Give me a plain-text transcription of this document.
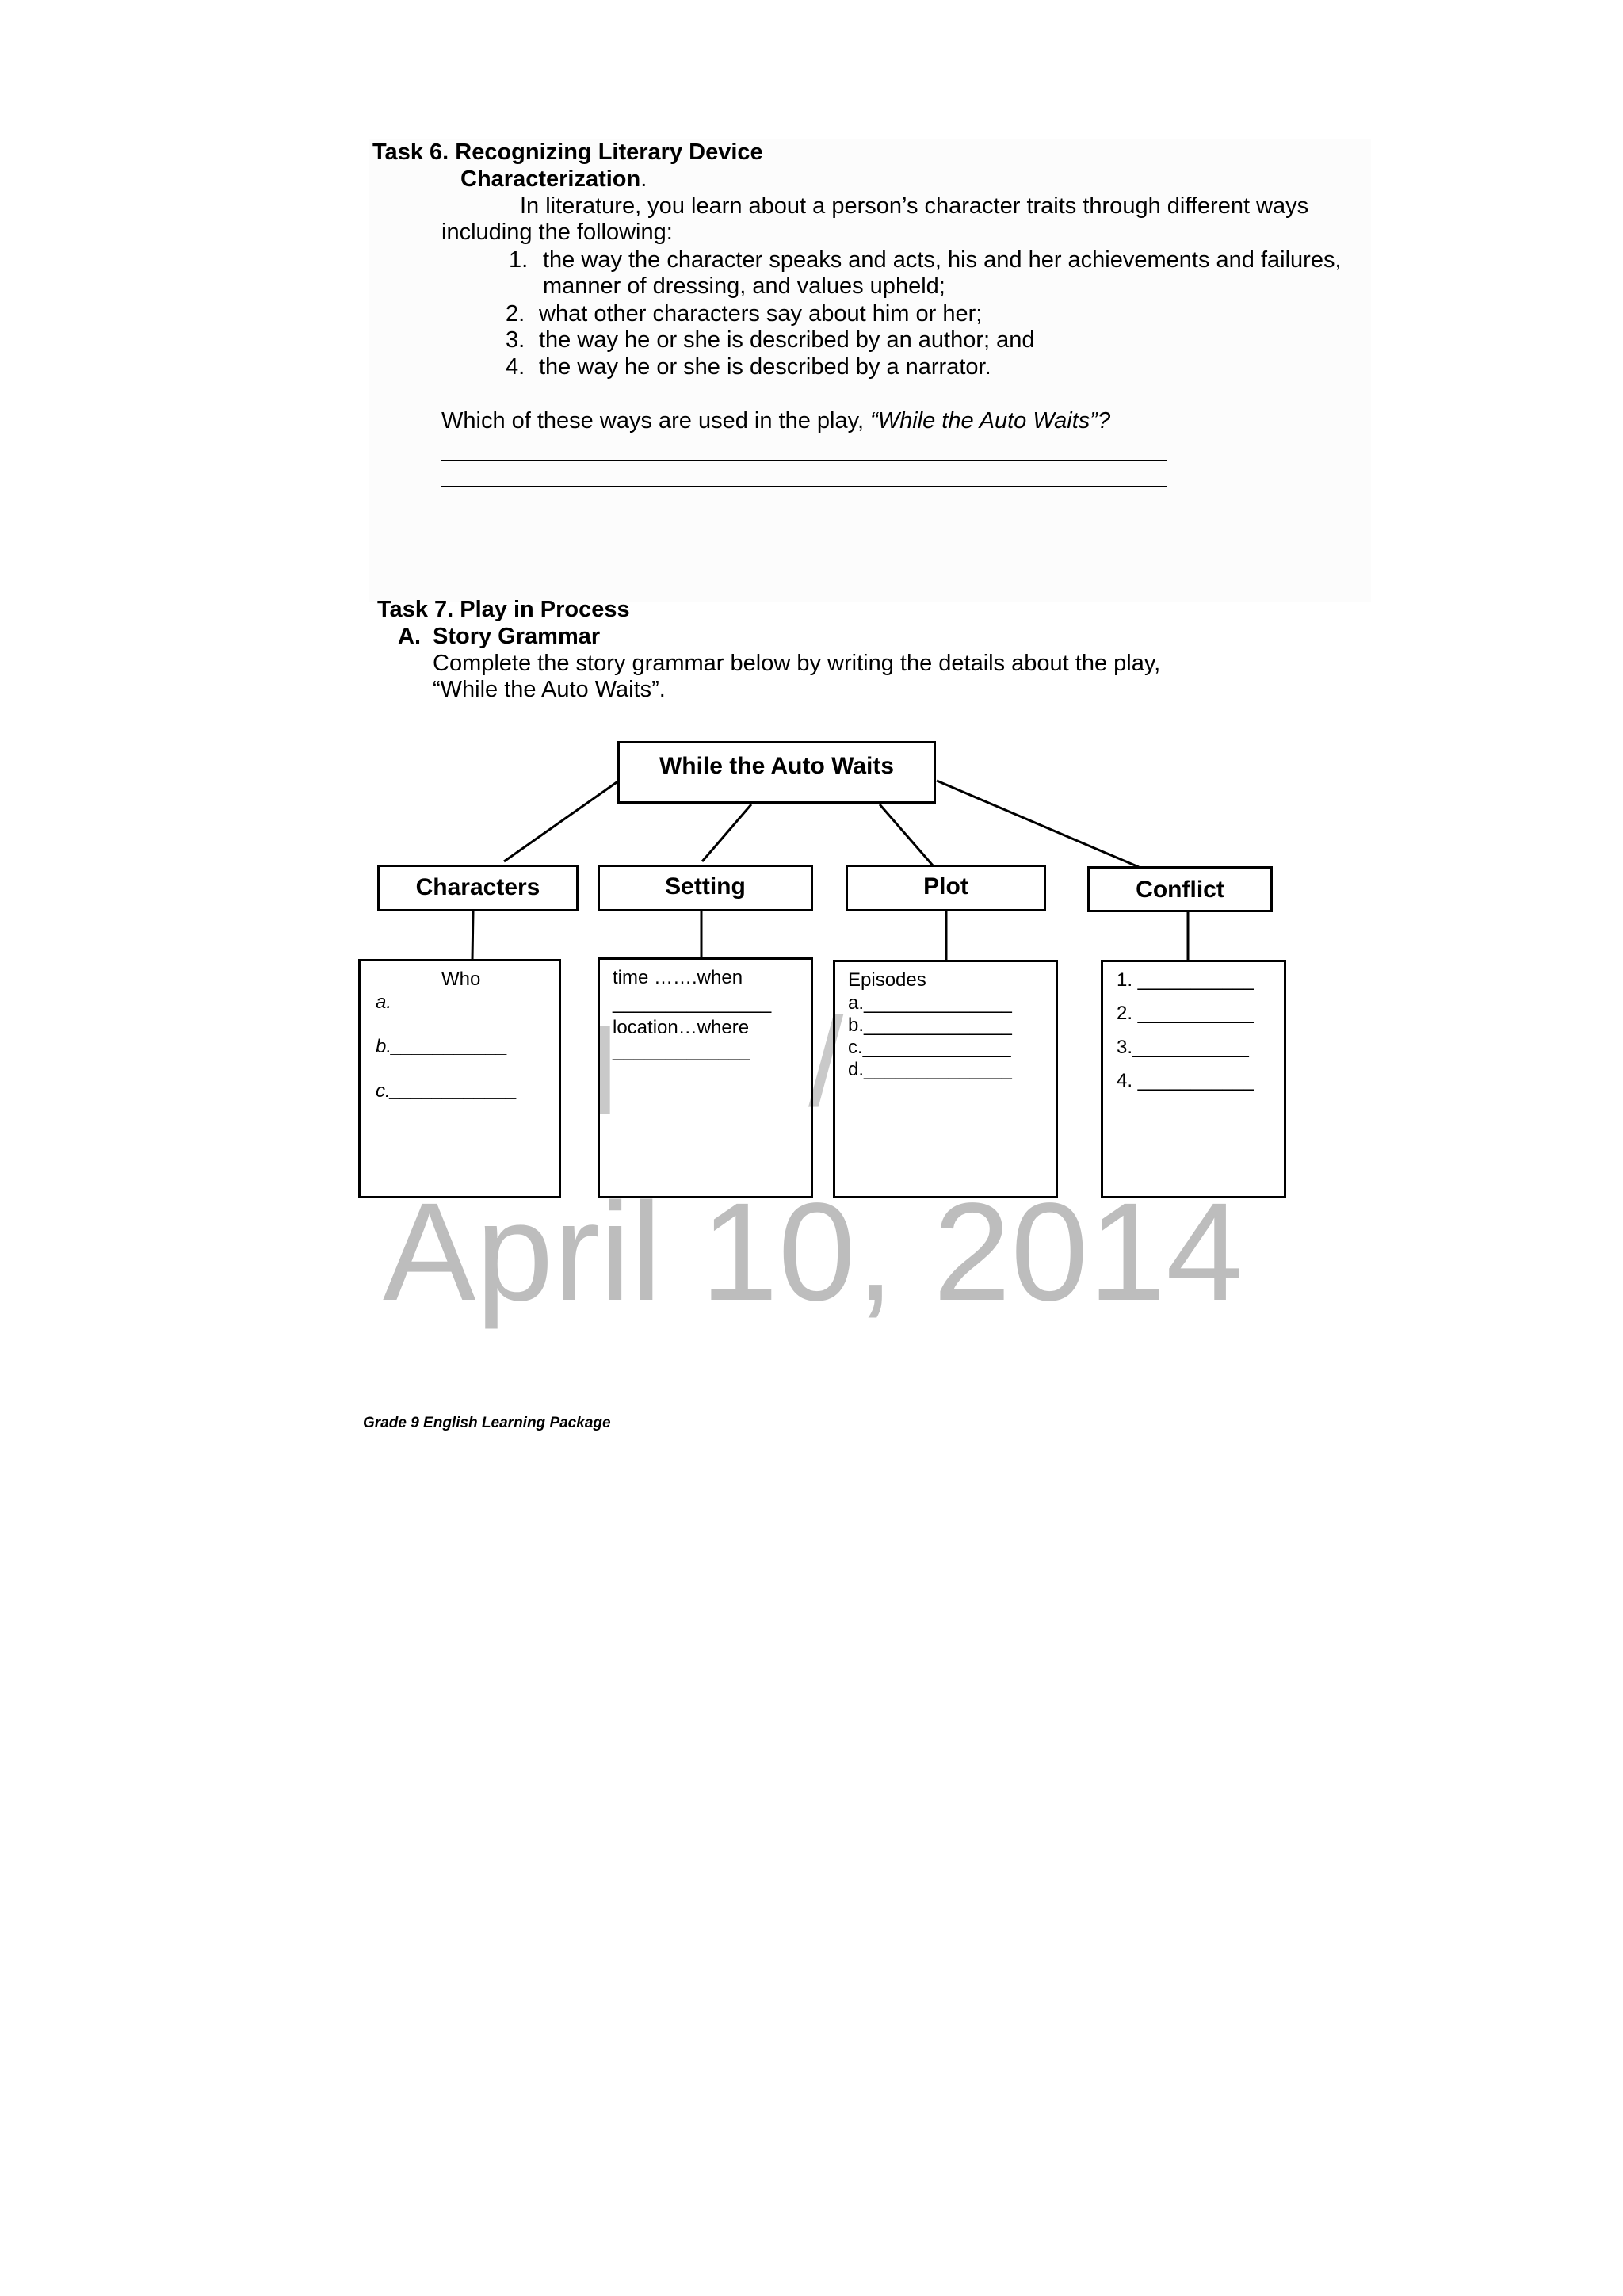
Task 6. Recognizing Literary Device
Characterization.
In literature, you learn about a person’s character traits through different ways
including the following:
1. the way the character speaks and acts, his and her achievements and failures,
manner of dressing, and values upheld;
2. what other characters say about him or her;
3. the way he or she is described by an author; and
4. the way he or she is described by a narrator.
Which of these ways are used in the play, “While the Auto Waits”?
Task 7. Play in Process
A. Story Grammar
Complete the story grammar below by writing the details about the play,
“While the Auto Waits”.
I /
While the Auto Waits
Characters	Setting	Plot	Conflict
Who
a. ___________
b.___________
c.____________
time …….when
_______________
location…where
_____________
Episodes
a.______________
b.______________
c.______________
d.______________
1. ___________
2. ___________
3.___________
4. ___________
April 10, 2014
Grade 9 English Learning Package
